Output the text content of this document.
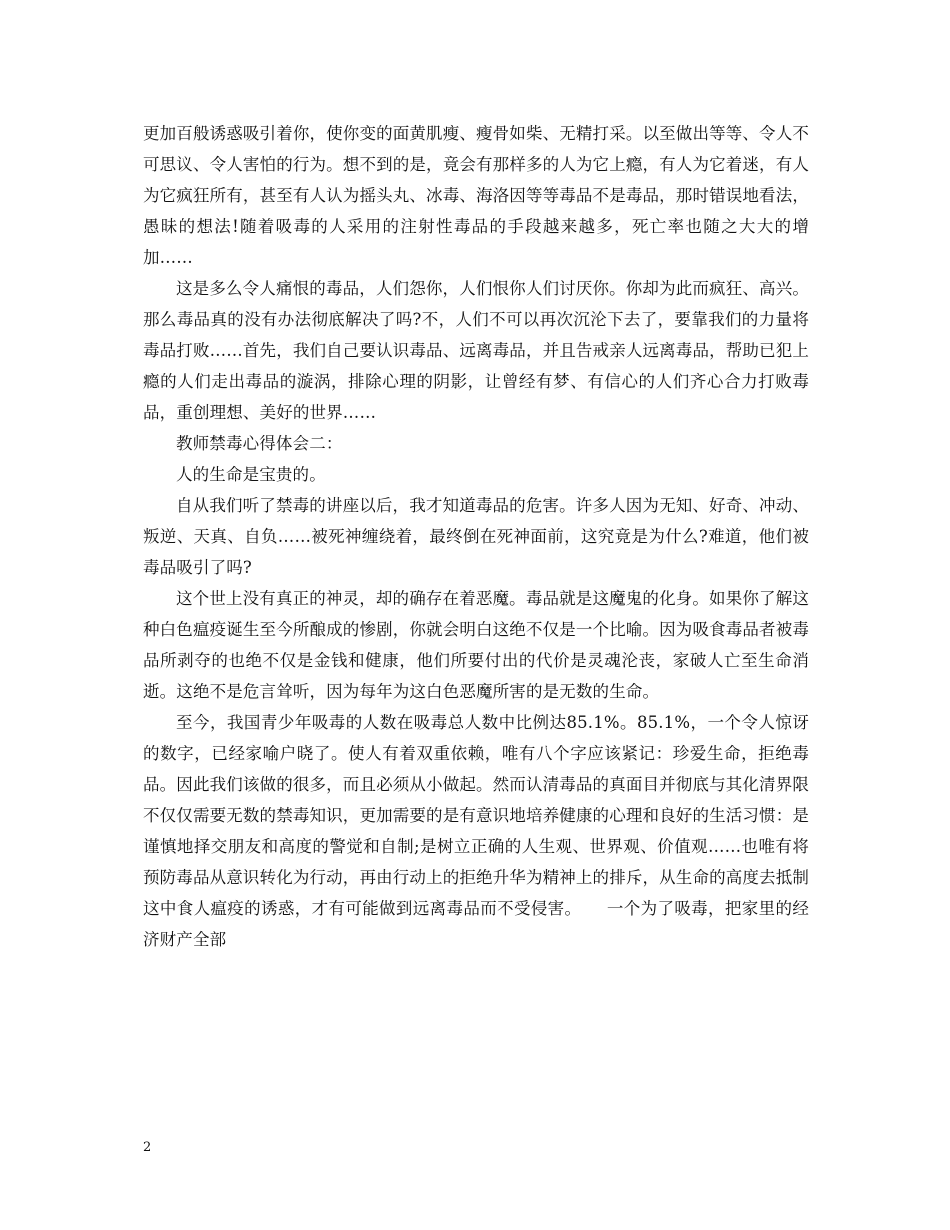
更加百般诱惑吸引着你，使你变的面黄肌瘦、瘦骨如柴、无精打采。以至做出等等、令人不可思议、令人害怕的行为。想不到的是，竟会有那样多的人为它上瘾，有人为它着迷，有人为它疯狂所有，甚至有人认为摇头丸、冰毒、海洛因等等毒品不是毒品，那时错误地看法，愚昧的想法!随着吸毒的人采用的注射性毒品的手段越来越多，死亡率也随之大大的增加……

这是多么令人痛恨的毒品，人们怨你，人们恨你人们讨厌你。你却为此而疯狂、高兴。那么毒品真的没有办法彻底解决了吗?不，人们不可以再次沉沦下去了，要靠我们的力量将毒品打败……首先，我们自己要认识毒品、远离毒品，并且告戒亲人远离毒品，帮助已犯上瘾的人们走出毒品的漩涡，排除心理的阴影，让曾经有梦、有信心的人们齐心合力打败毒品，重创理想、美好的世界……

教师禁毒心得体会二：

人的生命是宝贵的。

自从我们听了禁毒的讲座以后，我才知道毒品的危害。许多人因为无知、好奇、冲动、叛逆、天真、自负……被死神缠绕着，最终倒在死神面前，这究竟是为什么?难道，他们被毒品吸引了吗?

这个世上没有真正的神灵，却的确存在着恶魔。毒品就是这魔鬼的化身。如果你了解这种白色瘟疫诞生至今所酿成的惨剧，你就会明白这绝不仅是一个比喻。因为吸食毒品者被毒品所剥夺的也绝不仅是金钱和健康，他们所要付出的代价是灵魂沦丧，家破人亡至生命消逝。这绝不是危言耸听，因为每年为这白色恶魔所害的是无数的生命。

至今，我国青少年吸毒的人数在吸毒总人数中比例达85.1%。85.1%，一个令人惊讶的数字，已经家喻户晓了。使人有着双重依赖，唯有八个字应该紧记：珍爱生命，拒绝毒品。因此我们该做的很多，而且必须从小做起。然而认清毒品的真面目并彻底与其化清界限不仅仅需要无数的禁毒知识，更加需要的是有意识地培养健康的心理和良好的生活习惯：是谨慎地择交朋友和高度的警觉和自制;是树立正确的人生观、世界观、价值观……也唯有将预防毒品从意识转化为行动，再由行动上的拒绝升华为精神上的排斥，从生命的高度去抵制这中食人瘟疫的诱惑，才有可能做到远离毒品而不受侵害。　　一个为了吸毒，把家里的经济财产全部

2
